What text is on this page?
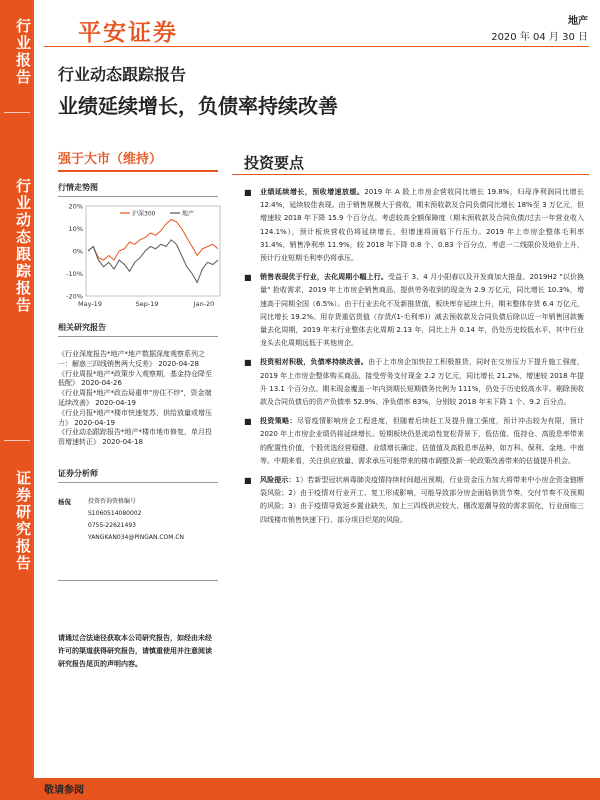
行业报告
行业动态跟踪报告
证券研究报告
平安证券	地产
2020 年 04 月 30 日
行业动态跟踪报告
业绩延续增长，负债率持续改善
强于大市（维持）	投资要点
行情走势图
20%
10%
0%
-10%
-20%
May-19	Sep-19	Jan-20
沪深300	地产
相关研究报告
《行业深度报告*地产*地产数据深度观察系列之一：解惑三四线销售两大反差》 2020-04-28
《行业周报*地产*政策步入观察期，基金持仓降至低配》 2020-04-26
《行业周报*地产*政治局重申"房住不炒"，资金端延续改善》 2020-04-19
《行业月报*地产*楼市快速复苏，供给放量或增压力》 2020-04-19
《行业动态跟踪报告*地产*楼市地市修复，单月投资增速转正》 2020-04-18
证券分析师
杨侃	投资咨询资格编号
S1060514080002
0755-22621493
YANGKAN034@PINGAN.COM.CN
请通过合法途径获取本公司研究报告，如经由未经许可的渠道获得研究报告，请慎重使用并注意阅读研究报告尾页的声明内容。
■ 业绩延续增长，预收增速放缓。2019 年 A 股上市房企营收同比增长 19.8%，归母净利润同比增长 12.4%，延续较佳表现。由于销售规模大于营收，期末预收款及合同负债同比增长 18%至 3 万亿元，但增速较 2018 年下降 15.9 个百分点。考虑较高全额保障度（期末预收款及合同负债/过去一年营业收入 124.1%），预计板块营收仍将延续增长，但增速将面临下行压力。2019 年上市房企整体毛利率 31.4%、销售净利率 11.9%，较 2018 年下降 0.8 个、0.83 个百分点，考虑一二线限价及地价上升，预计行业短期毛利率仍将承压。
■ 销售表现优于行业，去化周期小幅上行。受益于 3、4 月小阳春以及开发商加大推盘、2019H2 "以价换量" 抢收需求，2019 年上市房企销售商品、提供劳务收到的现金为 2.9 万亿元，同比增长 10.3%，增速高于同期全国（6.5%）。由于行业去化不及新推货值，板块库存延续上升，期末整体存货 6.4 万亿元，同比增长 19.2%。用存货重估货值（存货/(1-毛利率)）减去预收款及合同负债后除以近一年销售回款衡量去化周期，2019 年末行业整体去化周期 2.13 年，同比上升 0.14 年，仍处历史较低水平，其中行业龙头去化周期远低于其他房企。
■ 投资相对积极，负债率持续改善。由于上市房企加快拉工积极推货，同时在交房压力下提升施工强度，2019 年上市房企整体购买商品、接受劳务支付现金 2.2 万亿元，同比增长 21.2%，增速较 2018 年提升 13.1 个百分点。期末现金覆盖一年内到期长短期债务比例为 111%，仍处于历史较高水平。剔除预收款及合同负债后的资产负债率 52.9%、净负债率 83%，分别较 2018 年末下降 1 个、9.2 百分点。
■ 投资策略：尽管疫情影响房企工程进度，但随着后续赶工及提升施工强度，预计冲击较为有限，预计 2020 年上市房企业绩仍将延续增长。短期板块仍是流动性宽松背景下，低估值、低持仓、高股息率带来的配置性价值，个股优选经营稳健、业绩增长确定、估值值及高股息率品种，如万科、保利、金地、中南等。中期来看，关注供应放量、需求承压可能带来的楼市调整及新一轮政策改善带来的估值提升机会。
■ 风险提示：1）若新型冠状病毒肺炎疫情持续时间超出预期，行业资金压力加大将带来中小房企资金链断裂风险；2）由于疫情对行业开工、复工形成影响，可能导致部分房企面临供货节奏、交付节奏不及预期的风险；3）由于疫情导致返乡置业缺失，加上三四线供应较大、棚改退潮导致的需求弱化，行业面临三四线楼市销售快速下行、部分项目烂尾的风险。
敬请参阅
